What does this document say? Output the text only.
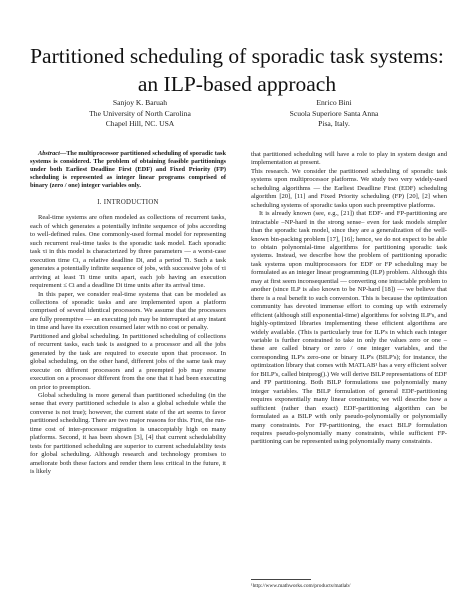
Partitioned scheduling of sporadic task systems: an ILP-based approach
Sanjoy K. Baruah
The University of North Carolina
Chapel Hill, NC. USA
Enrico Bini
Scuola Superiore Santa Anna
Pisa, Italy.

Abstract—The multiprocessor partitioned scheduling of sporadic task systems is considered. The problem of obtaining feasible partitionings under both Earliest Deadline First (EDF) and Fixed Priority (FP) scheduling is represented as integer linear programs comprised of binary (zero / one) integer variables only.

I. INTRODUCTION

Real-time systems are often modeled as collections of recurrent tasks, each of which generates a potentially infinite sequence of jobs according to well-defined rules. One commonly-used formal model for representing such recurrent real-time tasks is the sporadic task model. Each sporadic task τi in this model is characterized by three parameters — a worst-case execution time Ci, a relative deadline Di, and a period Ti. Such a task generates a potentially infinite sequence of jobs, with successive jobs of τi arriving at least Ti time units apart, each job having an execution requirement ≤ Ci and a deadline Di time units after its arrival time.

In this paper, we consider real-time systems that can be modeled as collections of sporadic tasks and are implemented upon a platform comprised of several identical processors. We assume that the processors are fully preemptive — an executing job may be interrupted at any instant in time and have its execution resumed later with no cost or penalty.

Partitioned and global scheduling. In partitioned scheduling of collections of recurrent tasks, each task is assigned to a processor and all the jobs generated by the task are required to execute upon that processor. In global scheduling, on the other hand, different jobs of the same task may execute on different processors and a preempted job may resume execution on a processor different from the one that it had been executing on prior to preemption.

Global scheduling is more general than partitioned scheduling (in the sense that every partitioned schedule is also a global schedule while the converse is not true); however, the current state of the art seems to favor partitioned scheduling. There are two major reasons for this. First, the run-time cost of inter-processor migration is unacceptably high on many platforms. Second, it has been shown [3], [4] that current schedulability tests for partitioned scheduling are superior to current schedulability tests for global scheduling. Although research and technology promises to ameliorate both these factors and render them less critical in the future, it is likely

that partitioned scheduling will have a role to play in system design and implementation at present.

This research. We consider the partitioned scheduling of sporadic task systems upon multiprocessor platforms. We study two very widely-used scheduling algorithms — the Earliest Deadline First (EDF) scheduling algorithm [20], [11] and Fixed Priority scheduling (FP) [20], [2] when scheduling systems of sporadic tasks upon such preemptive platforms.

It is already known (see, e.g., [21]) that EDF- and FP-partitioning are intractable –NP-hard in the strong sense– even for task models simpler than the sporadic task model, since they are a generalization of the well-known bin-packing problem [17], [16]; hence, we do not expect to be able to obtain polynomial-time algorithms for partitioning sporadic task systems. Instead, we describe how the problem of partitioning sporadic task systems upon multiprocessors for EDF or FP scheduling may be formulated as an integer linear programming (ILP) problem. Although this may at first seem inconsequential — converting one intractable problem to another (since ILP is also known to be NP-hard [18]) — we believe that there is a real benefit to such conversion. This is because the optimization community has devoted immense effort to coming up with extremely efficient (although still exponential-time) algorithms for solving ILP's, and highly-optimized libraries implementing these efficient algorithms are widely available. (This is particularly true for ILP's in which each integer variable is further constrained to take in only the values zero or one – these are called binary or zero / one integer variables, and the corresponding ILP's zero-one or binary ILP's (BILP's); for instance, the optimization library that comes with MATLAB¹ has a very efficient solver for BILP's, called bintprog().) We will derive BILP representations of EDF and FP partitioning. Both BILP formulations use polynomially many integer variables. The BILP formulation of general EDF-partitioning requires exponentially many linear constraints; we will describe how a sufficient (rather than exact) EDF-partitioning algorithm can be formulated as a BILP with only pseudo-polynomially or polynomially many constraints. For FP-partitioning, the exact BILP formulation requires pseudo-polynomially many constraints, while sufficient FP-partitioning can be represented using polynomially many constraints.

¹http://www.mathworks.com/products/matlab/
